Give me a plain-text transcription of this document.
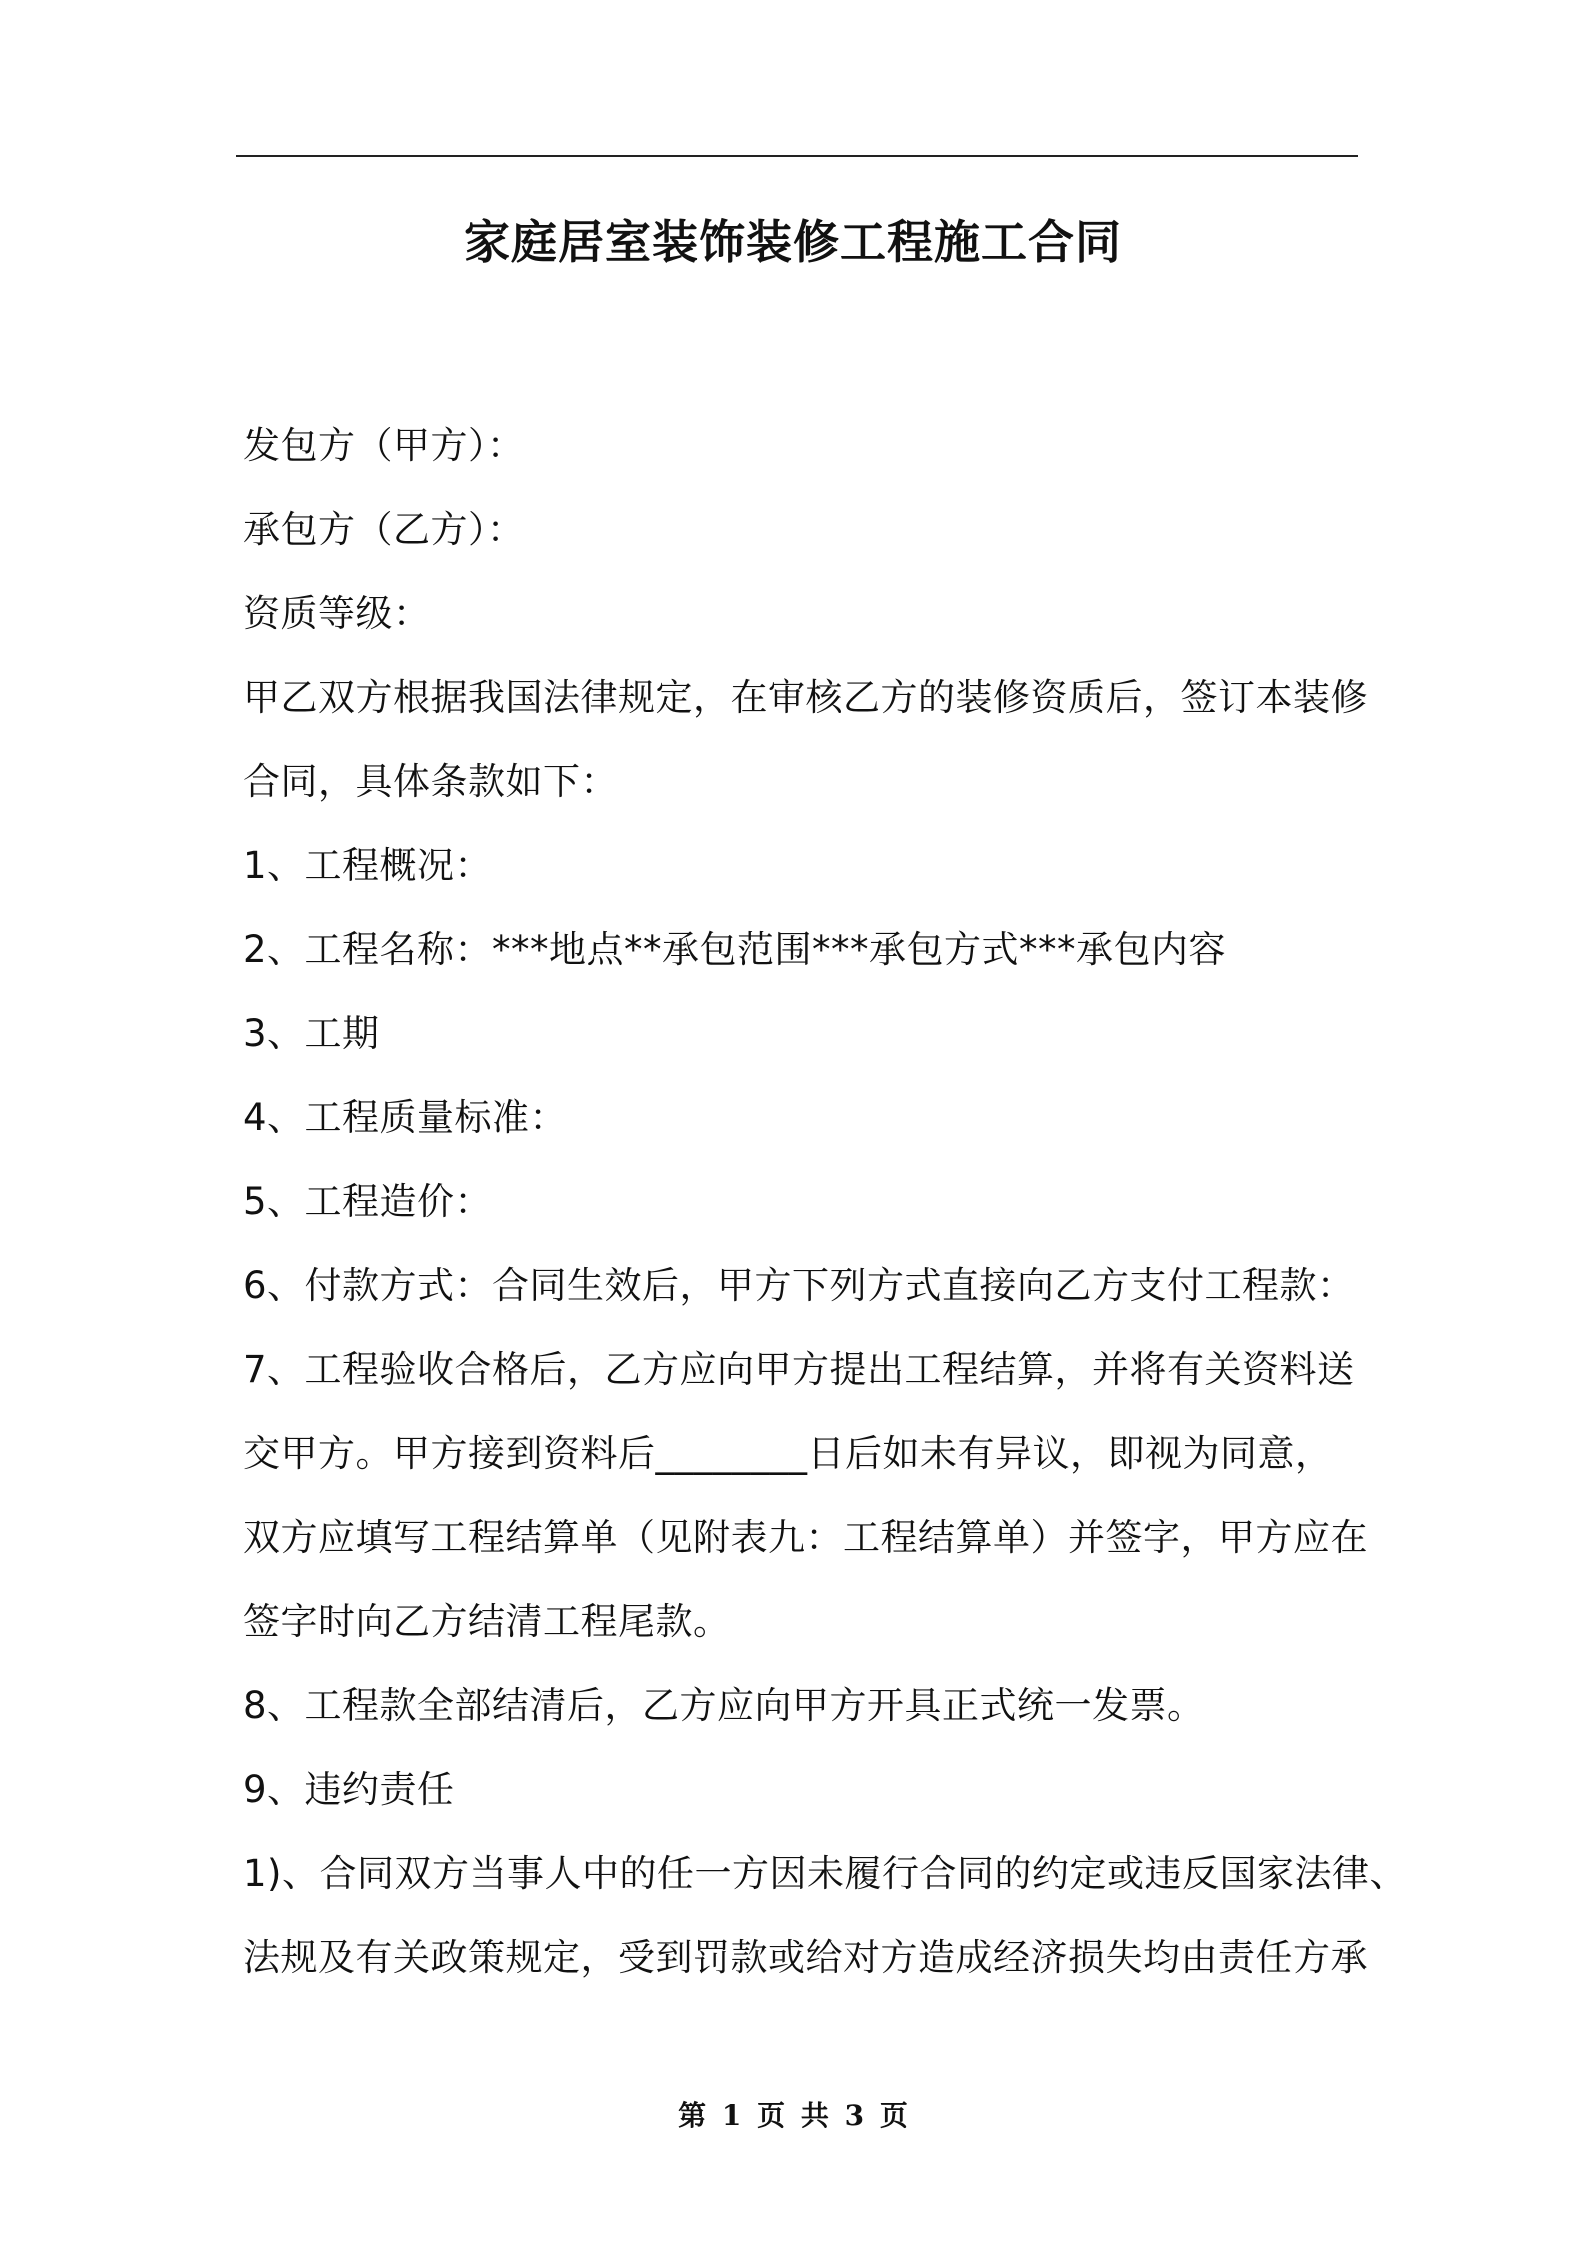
家庭居室装饰装修工程施工合同
发包方（甲方）：
承包方（乙方）：
资质等级：
甲乙双方根据我国法律规定，在审核乙方的装修资质后，签订本装修
合同，具体条款如下：
1、工程概况：
2、工程名称：***地点**承包范围***承包方式***承包内容
3、工期
4、工程质量标准：
5、工程造价：
6、付款方式：合同生效后，甲方下列方式直接向乙方支付工程款：
7、工程验收合格后，乙方应向甲方提出工程结算，并将有关资料送
交甲方。甲方接到资料后________日后如未有异议，即视为同意，
双方应填写工程结算单（见附表九：工程结算单）并签字，甲方应在
签字时向乙方结清工程尾款。
8、工程款全部结清后，乙方应向甲方开具正式统一发票。
9、违约责任
1)、合同双方当事人中的任一方因未履行合同的约定或违反国家法律、
法规及有关政策规定，受到罚款或给对方造成经济损失均由责任方承
第 1 页 共 3 页
